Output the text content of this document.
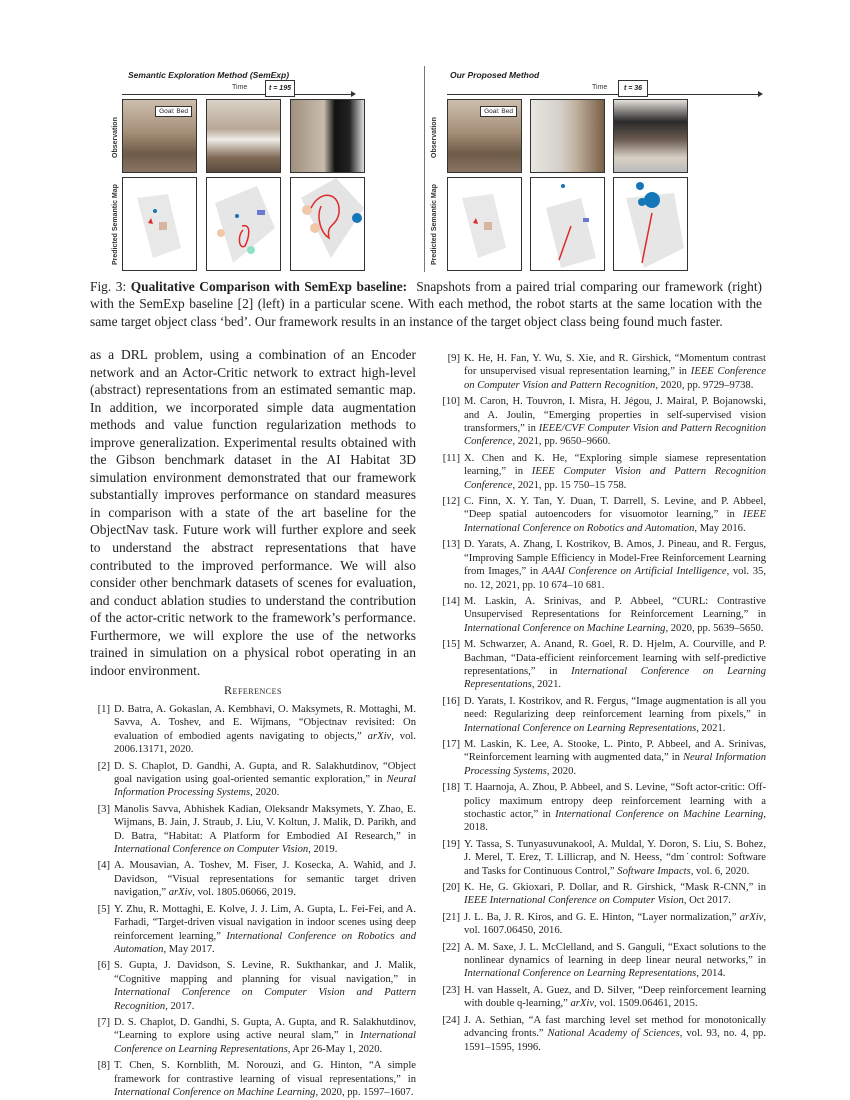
Semantic Exploration Method (SemExp)
Time	t = 195
Observation
Predicted Semantic Map
Goal: Bed
Our Proposed Method
Time	t = 36
Observation
Predicted Semantic Map
Goal: Bed
Fig. 3: Qualitative Comparison with SemExp baseline: Snapshots from a paired trial comparing our framework (right) with the SemExp baseline [2] (left) in a particular scene. With each method, the robot starts at the same location with the same target object class ‘bed’. Our framework results in an instance of the target object class being found much faster.
as a DRL problem, using a combination of an Encoder network and an Actor-Critic network to extract high-level (abstract) representations from an estimated semantic map. In addition, we incorporated simple data augmentation methods and value function regularization methods to improve generalization. Experimental results obtained with the Gibson benchmark dataset in the AI Habitat 3D simulation environment demonstrated that our framework substantially improves performance on standard measures in comparison with a state of the art baseline for the ObjectNav task. Future work will further explore and seek to understand the abstract representations that have contributed to the improved performance. We will also consider other benchmark datasets of scenes for evaluation, and conduct ablation studies to understand the contribution of the actor-critic network to the framework’s performance. Furthermore, we will explore the use of the networks trained in simulation on a physical robot operating in an indoor environment.
References
[1] D. Batra, A. Gokaslan, A. Kembhavi, O. Maksymets, R. Mottaghi, M. Savva, A. Toshev, and E. Wijmans, “Objectnav revisited: On evaluation of embodied agents navigating to objects,” arXiv, vol. 2006.13171, 2020.
[2] D. S. Chaplot, D. Gandhi, A. Gupta, and R. Salakhutdinov, “Object goal navigation using goal-oriented semantic exploration,” in Neural Information Processing Systems, 2020.
[3] Manolis Savva, Abhishek Kadian, Oleksandr Maksymets, Y. Zhao, E. Wijmans, B. Jain, J. Straub, J. Liu, V. Koltun, J. Malik, D. Parikh, and D. Batra, “Habitat: A Platform for Embodied AI Research,” in International Conference on Computer Vision, 2019.
[4] A. Mousavian, A. Toshev, M. Fiser, J. Kosecka, A. Wahid, and J. Davidson, “Visual representations for semantic target driven navigation,” arXiv, vol. 1805.06066, 2019.
[5] Y. Zhu, R. Mottaghi, E. Kolve, J. J. Lim, A. Gupta, L. Fei-Fei, and A. Farhadi, “Target-driven visual navigation in indoor scenes using deep reinforcement learning,” International Conference on Robotics and Automation, May 2017.
[6] S. Gupta, J. Davidson, S. Levine, R. Sukthankar, and J. Malik, “Cognitive mapping and planning for visual navigation,” in International Conference on Computer Vision and Pattern Recognition, 2017.
[7] D. S. Chaplot, D. Gandhi, S. Gupta, A. Gupta, and R. Salakhutdinov, “Learning to explore using active neural slam,” in International Conference on Learning Representations, Apr 26-May 1, 2020.
[8] T. Chen, S. Kornblith, M. Norouzi, and G. Hinton, “A simple framework for contrastive learning of visual representations,” in International Conference on Machine Learning, 2020, pp. 1597–1607.
[9] K. He, H. Fan, Y. Wu, S. Xie, and R. Girshick, “Momentum contrast for unsupervised visual representation learning,” in IEEE Conference on Computer Vision and Pattern Recognition, 2020, pp. 9729–9738.
[10] M. Caron, H. Touvron, I. Misra, H. Jégou, J. Mairal, P. Bojanowski, and A. Joulin, “Emerging properties in self-supervised vision transformers,” in IEEE/CVF Computer Vision and Pattern Recognition Conference, 2021, pp. 9650–9660.
[11] X. Chen and K. He, “Exploring simple siamese representation learning,” in IEEE Computer Vision and Pattern Recognition Conference, 2021, pp. 15 750–15 758.
[12] C. Finn, X. Y. Tan, Y. Duan, T. Darrell, S. Levine, and P. Abbeel, “Deep spatial autoencoders for visuomotor learning,” in IEEE International Conference on Robotics and Automation, May 2016.
[13] D. Yarats, A. Zhang, I. Kostrikov, B. Amos, J. Pineau, and R. Fergus, “Improving Sample Efficiency in Model-Free Reinforcement Learning from Images,” in AAAI Conference on Artificial Intelligence, vol. 35, no. 12, 2021, pp. 10 674–10 681.
[14] M. Laskin, A. Srinivas, and P. Abbeel, “CURL: Contrastive Unsupervised Representations for Reinforcement Learning,” in International Conference on Machine Learning, 2020, pp. 5639–5650.
[15] M. Schwarzer, A. Anand, R. Goel, R. D. Hjelm, A. Courville, and P. Bachman, “Data-efficient reinforcement learning with self-predictive representations,” in International Conference on Learning Representations, 2021.
[16] D. Yarats, I. Kostrikov, and R. Fergus, “Image augmentation is all you need: Regularizing deep reinforcement learning from pixels,” in International Conference on Learning Representations, 2021.
[17] M. Laskin, K. Lee, A. Stooke, L. Pinto, P. Abbeel, and A. Srinivas, “Reinforcement learning with augmented data,” in Neural Information Processing Systems, 2020.
[18] T. Haarnoja, A. Zhou, P. Abbeel, and S. Levine, “Soft actor-critic: Off-policy maximum entropy deep reinforcement learning with a stochastic actor,” in International Conference on Machine Learning, 2018.
[19] Y. Tassa, S. Tunyasuvunakool, A. Muldal, Y. Doron, S. Liu, S. Bohez, J. Merel, T. Erez, T. Lillicrap, and N. Heess, “dm˙control: Software and Tasks for Continuous Control,” Software Impacts, vol. 6, 2020.
[20] K. He, G. Gkioxari, P. Dollar, and R. Girshick, “Mask R-CNN,” in IEEE International Conference on Computer Vision, Oct 2017.
[21] J. L. Ba, J. R. Kiros, and G. E. Hinton, “Layer normalization,” arXiv, vol. 1607.06450, 2016.
[22] A. M. Saxe, J. L. McClelland, and S. Ganguli, “Exact solutions to the nonlinear dynamics of learning in deep linear neural networks,” in International Conference on Learning Representations, 2014.
[23] H. van Hasselt, A. Guez, and D. Silver, “Deep reinforcement learning with double q-learning,” arXiv, vol. 1509.06461, 2015.
[24] J. A. Sethian, “A fast marching level set method for monotonically advancing fronts.” National Academy of Sciences, vol. 93, no. 4, pp. 1591–1595, 1996.
